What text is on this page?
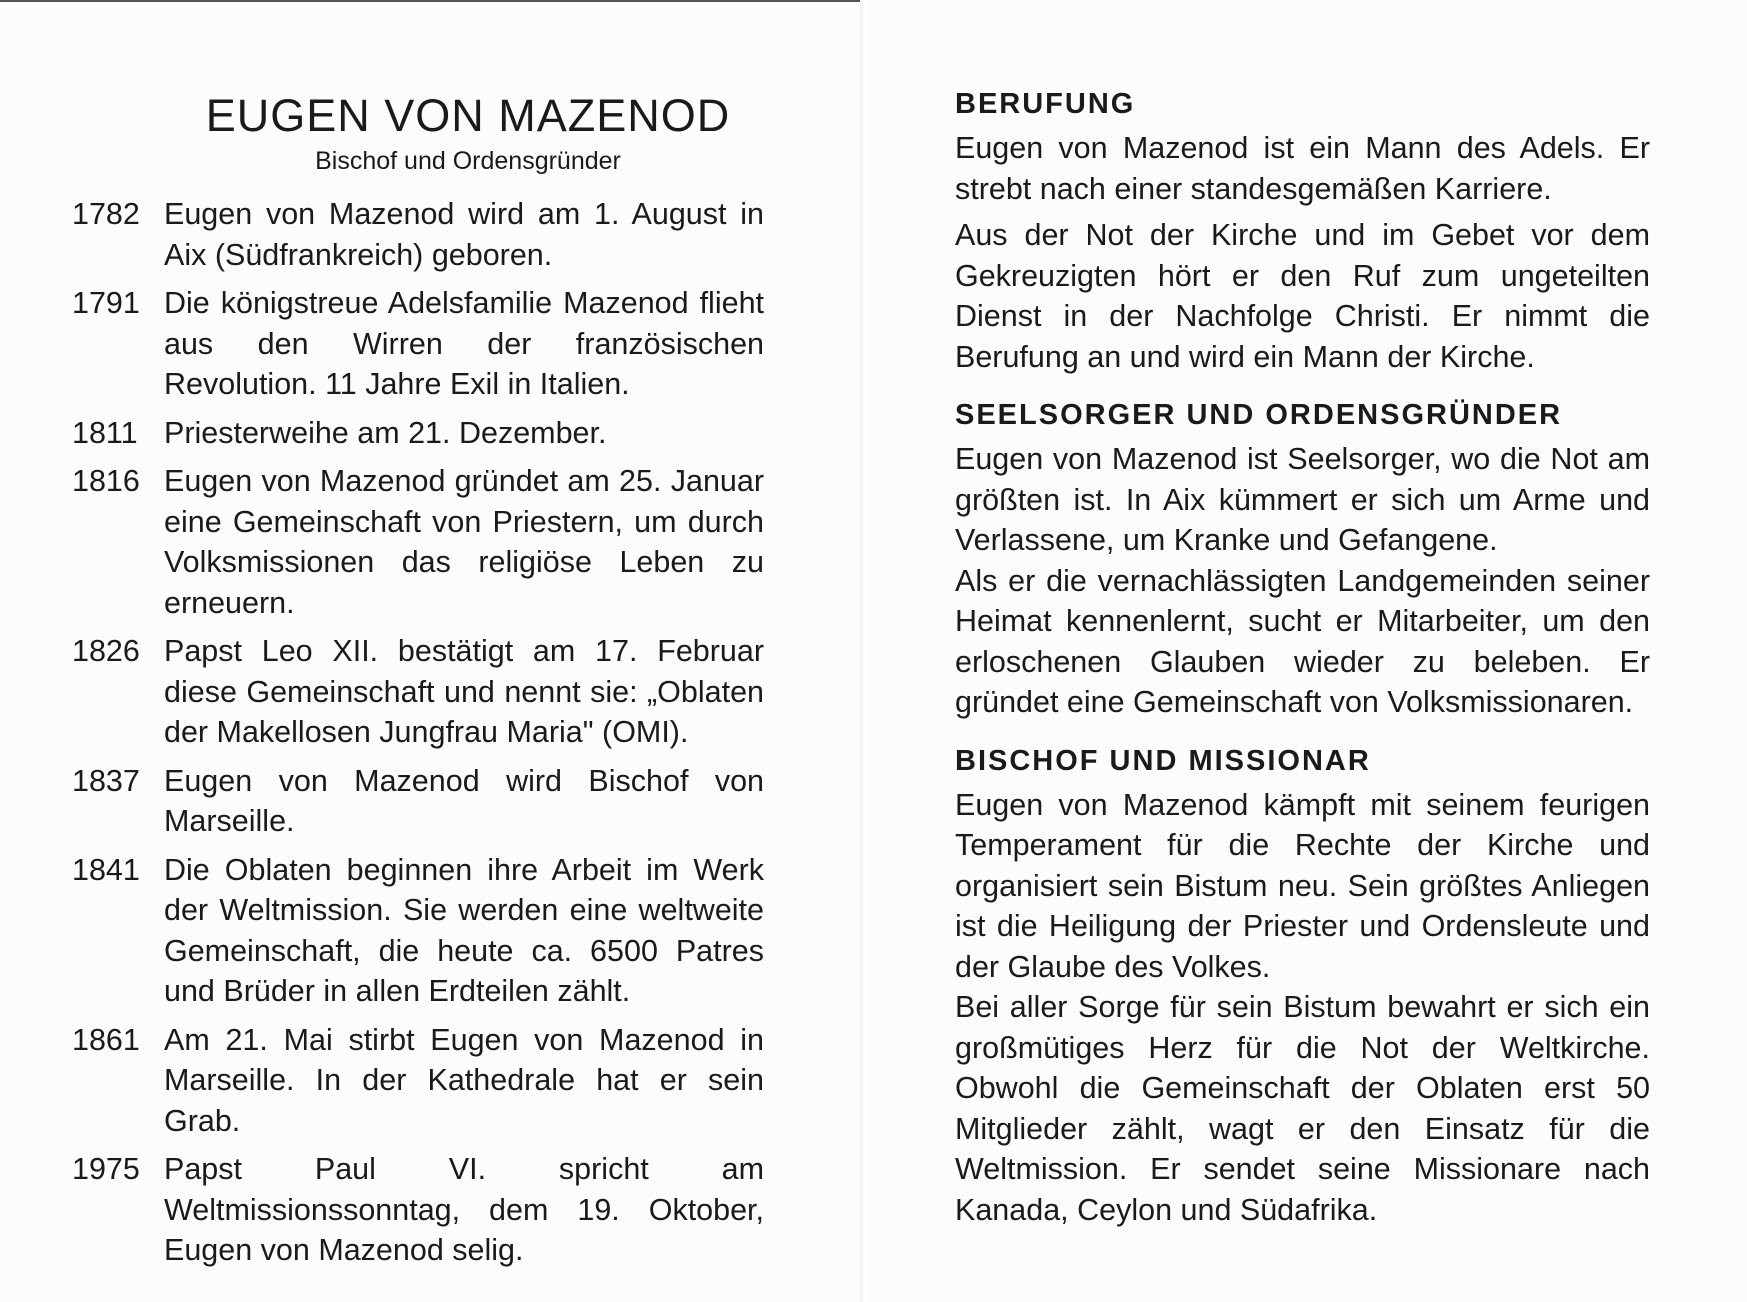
EUGEN VON MAZENOD
Bischof und Ordensgründer
1782 Eugen von Mazenod wird am 1. August in Aix (Südfrankreich) geboren.
1791 Die königstreue Adelsfamilie Mazenod flieht aus den Wirren der französischen Revolution. 11 Jahre Exil in Italien.
1811 Priesterweihe am 21. Dezember.
1816 Eugen von Mazenod gründet am 25. Januar eine Gemeinschaft von Priestern, um durch Volksmissionen das religiöse Leben zu erneuern.
1826 Papst Leo XII. bestätigt am 17. Februar diese Gemeinschaft und nennt sie: „Oblaten der Makellosen Jungfrau Maria" (OMI).
1837 Eugen von Mazenod wird Bischof von Marseille.
1841 Die Oblaten beginnen ihre Arbeit im Werk der Weltmission. Sie werden eine weltweite Gemeinschaft, die heute ca. 6500 Patres und Brüder in allen Erdteilen zählt.
1861 Am 21. Mai stirbt Eugen von Mazenod in Marseille. In der Kathedrale hat er sein Grab.
1975 Papst Paul VI. spricht am Weltmissionssonntag, dem 19. Oktober, Eugen von Mazenod selig.
BERUFUNG

Eugen von Mazenod ist ein Mann des Adels. Er strebt nach einer standesgemäßen Karriere.

Aus der Not der Kirche und im Gebet vor dem Gekreuzigten hört er den Ruf zum ungeteilten Dienst in der Nachfolge Christi. Er nimmt die Berufung an und wird ein Mann der Kirche.

SEELSORGER UND ORDENSGRÜNDER

Eugen von Mazenod ist Seelsorger, wo die Not am größten ist. In Aix kümmert er sich um Arme und Verlassene, um Kranke und Gefangene.

Als er die vernachlässigten Landgemeinden seiner Heimat kennenlernt, sucht er Mitarbeiter, um den erloschenen Glauben wieder zu beleben. Er gründet eine Gemeinschaft von Volksmissionaren.

BISCHOF UND MISSIONAR

Eugen von Mazenod kämpft mit seinem feurigen Temperament für die Rechte der Kirche und organisiert sein Bistum neu. Sein größtes Anliegen ist die Heiligung der Priester und Ordensleute und der Glaube des Volkes.

Bei aller Sorge für sein Bistum bewahrt er sich ein großmütiges Herz für die Not der Weltkirche. Obwohl die Gemeinschaft der Oblaten erst 50 Mitglieder zählt, wagt er den Einsatz für die Weltmission. Er sendet seine Missionare nach Kanada, Ceylon und Südafrika.
